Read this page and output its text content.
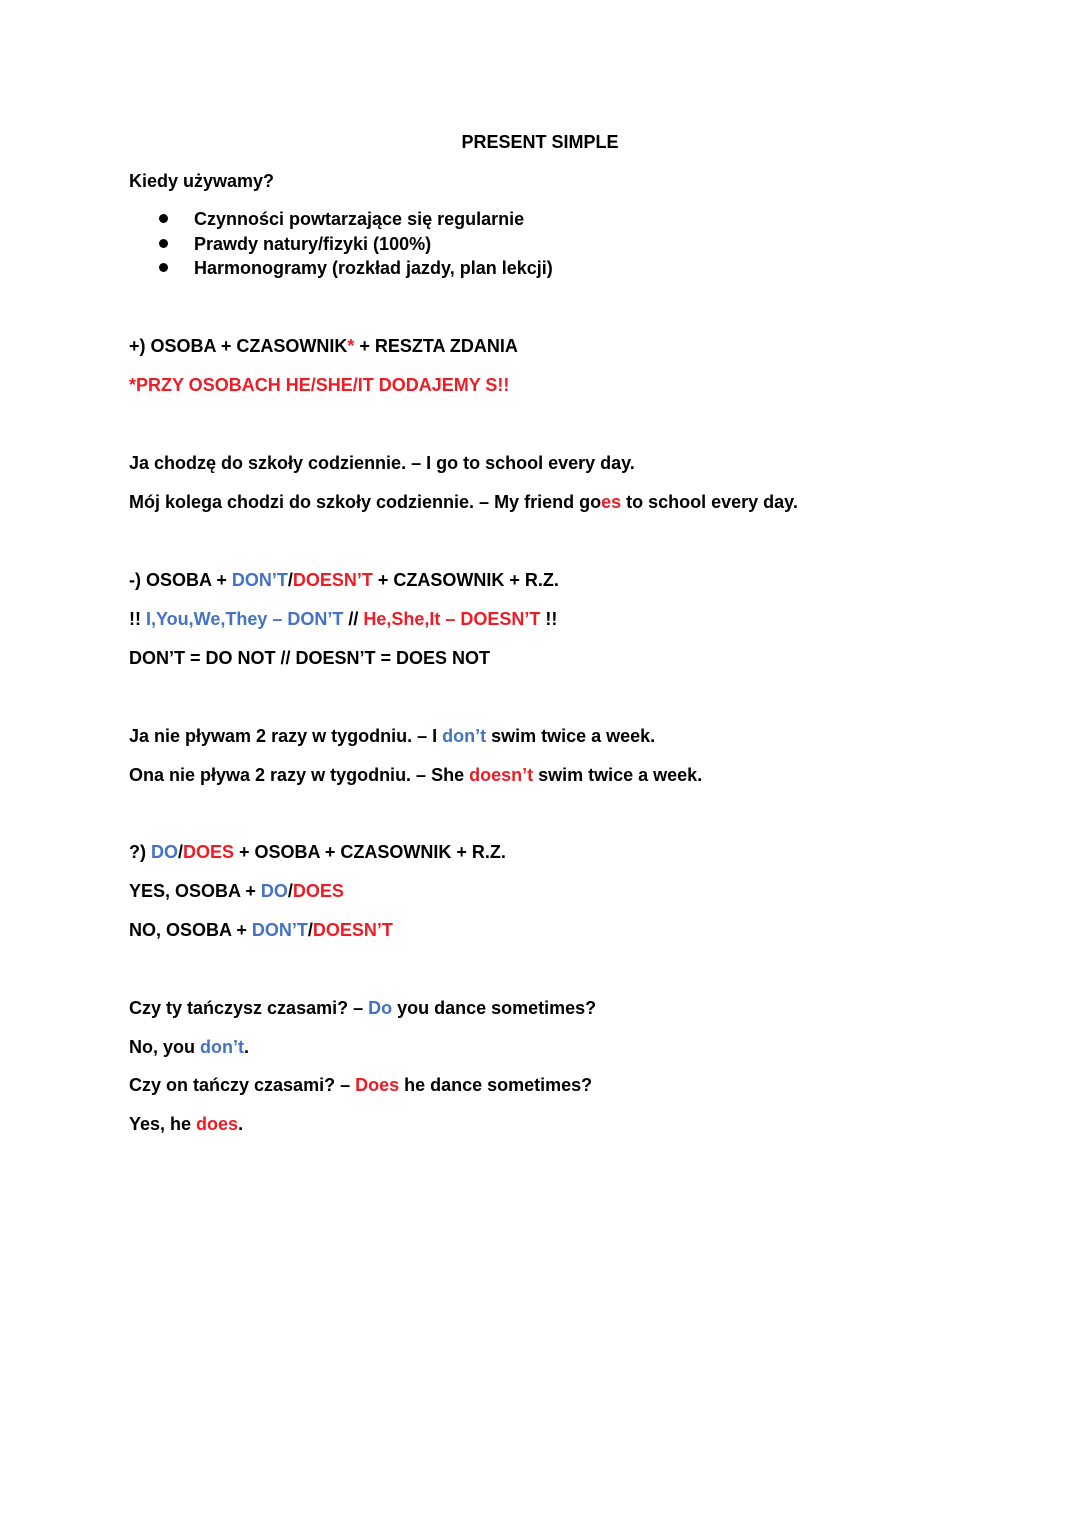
PRESENT SIMPLE
Kiedy używamy?
Czynności powtarzające się regularnie
Prawdy natury/fizyki (100%)
Harmonogramy (rozkład jazdy, plan lekcji)
+) OSOBA + CZASOWNIK* + RESZTA ZDANIA
*PRZY OSOBACH HE/SHE/IT DODAJEMY S!!
Ja chodzę do szkoły codziennie. – I go to school every day.
Mój kolega chodzi do szkoły codziennie. – My friend goes to school every day.
-) OSOBA + DON’T/DOESN’T + CZASOWNIK + R.Z.
!! I,You,We,They – DON’T // He,She,It – DOESN’T !!
DON’T = DO NOT // DOESN’T = DOES NOT
Ja nie pływam 2 razy w tygodniu. – I don’t swim twice a week.
Ona nie pływa 2 razy w tygodniu. – She doesn’t swim twice a week.
?) DO/DOES + OSOBA + CZASOWNIK + R.Z.
YES, OSOBA + DO/DOES
NO, OSOBA + DON’T/DOESN’T
Czy ty tańczysz czasami? – Do you dance sometimes?
No, you don’t.
Czy on tańczy czasami? – Does he dance sometimes?
Yes, he does.
